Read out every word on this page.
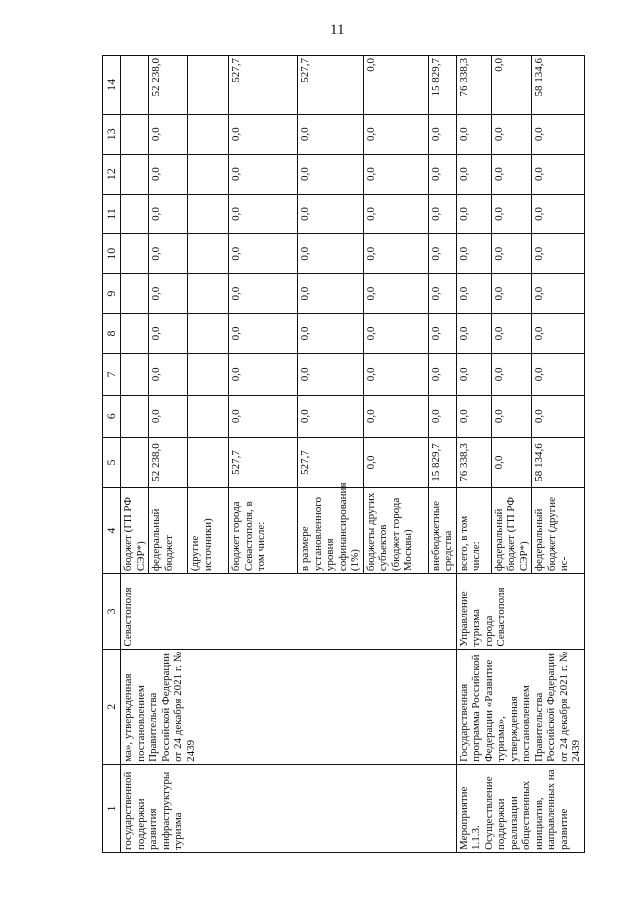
11
1	2	3	4	5	6	7	8	9	10	11	12	13	14
государственной поддержки развития инфраструктуры туризма	ма», утвержденная постановлением Правительства Российской Федерации от 24 декабря 2021 г. № 2439	Севастополя	бюджет (ГП РФ СЭР*)										
			федеральный бюджет	52 238,0	0,0	0,0	0,0	0,0	0,0	0,0	0,0	0,0	52 238,0
			(другие источники)										
			бюджет города Севастополя, в том числе:	527,7	0,0	0,0	0,0	0,0	0,0	0,0	0,0	0,0	527,7
			в размере установленного уровня софинансирования (1%)	527,7	0,0	0,0	0,0	0,0	0,0	0,0	0,0	0,0	527,7
			бюджеты других субъектов (бюджет города Москвы)	0,0	0,0	0,0	0,0	0,0	0,0	0,0	0,0	0,0	0,0
			внебюджетные средства	15 829,7	0,0	0,0	0,0	0,0	0,0	0,0	0,0	0,0	15 829,7
Мероприятие 1.1.3. Осуществление поддержки реализации общественных инициатив, направленных на развитие	Государственная программа Российской Федерации «Развитие туризма», утвержденная постановлением Правительства Российской Федерации от 24 декабря 2021 г. № 2439	Управление туризма города Севастополя	всего, в том числе:	76 338,3	0,0	0,0	0,0	0,0	0,0	0,0	0,0	0,0	76 338,3
			федеральный бюджет (ГП РФ СЭР*)	0,0	0,0	0,0	0,0	0,0	0,0	0,0	0,0	0,0	0,0
			федеральный бюджет (другие ис-	58 134,6	0,0	0,0	0,0	0,0	0,0	0,0	0,0	0,0	58 134,6
